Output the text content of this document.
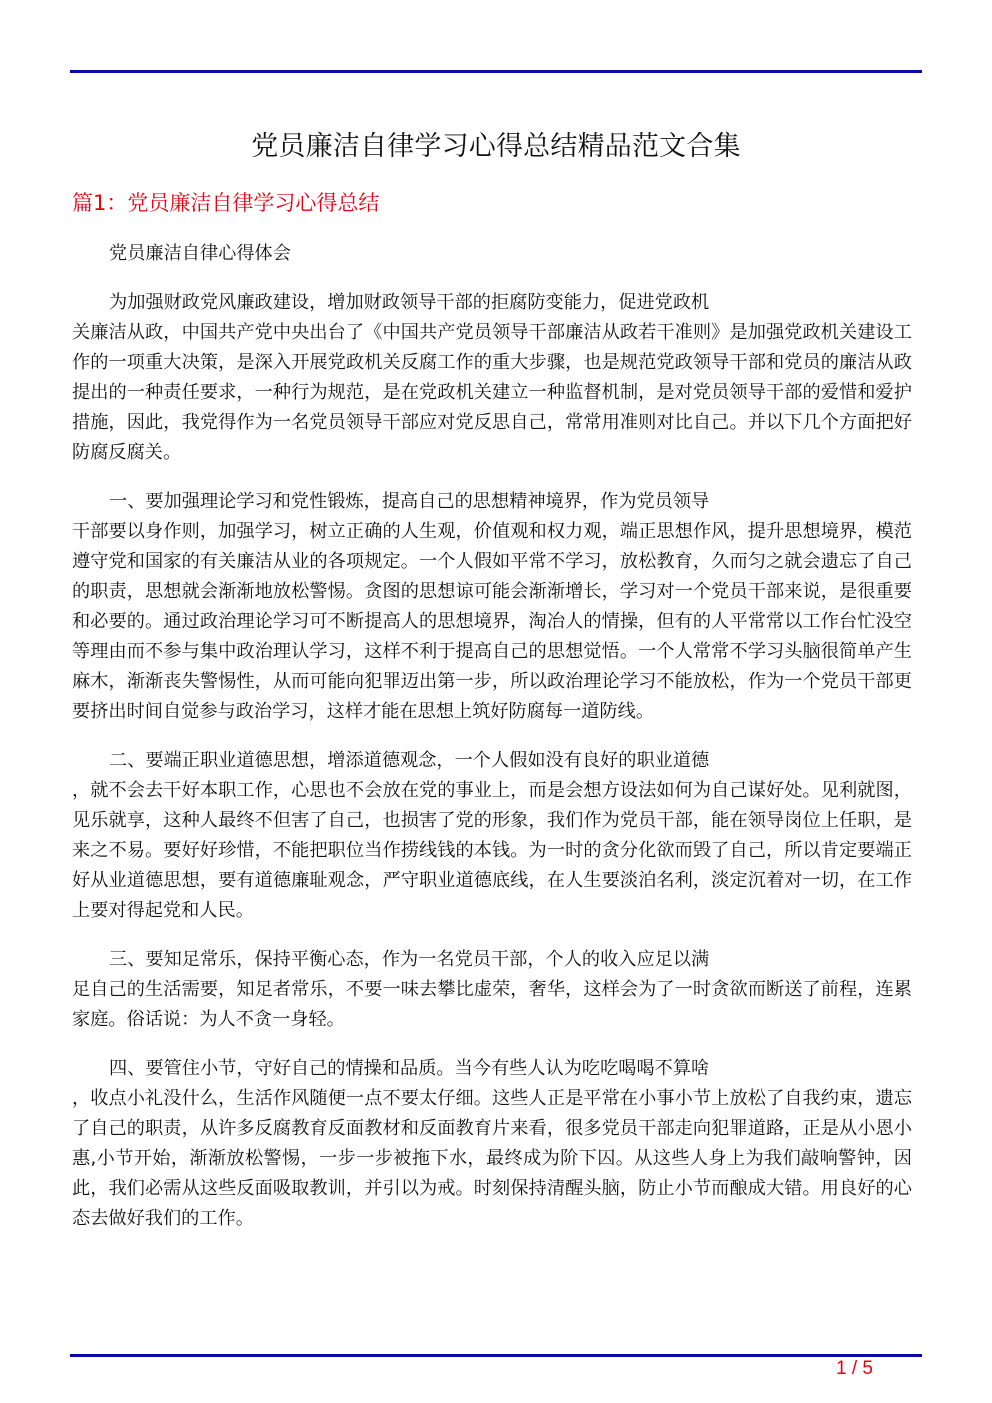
党员廉洁自律学习心得总结精品范文合集
篇1：党员廉洁自律学习心得总结
党员廉洁自律心得体会
为加强财政党风廉政建设，增加财政领导干部的拒腐防变能力，促进党政机
关廉洁从政，中国共产党中央出台了《中国共产党员领导干部廉洁从政若干准则》是加强党政机关建设工作的一项重大决策，是深入开展党政机关反腐工作的重大步骤，也是规范党政领导干部和党员的廉洁从政提出的一种责任要求，一种行为规范，是在党政机关建立一种监督机制，是对党员领导干部的爱惜和爱护措施，因此，我党得作为一名党员领导干部应对党反思自己，常常用准则对比自己。并以下几个方面把好防腐反腐关。
一、要加强理论学习和党性锻炼，提高自己的思想精神境界，作为党员领导
干部要以身作则，加强学习，树立正确的人生观，价值观和权力观，端正思想作风，提升思想境界，模范遵守党和国家的有关廉洁从业的各项规定。一个人假如平常不学习，放松教育，久而匀之就会遗忘了自己的职责，思想就会渐渐地放松警惕。贪图的思想谅可能会渐渐增长，学习对一个党员干部来说，是很重要和必要的。通过政治理论学习可不断提高人的思想境界，淘冶人的情操，但有的人平常常以工作台忙没空等理由而不参与集中政治理认学习，这样不利于提高自己的思想觉悟。一个人常常不学习头脑很简单产生麻木，渐渐丧失警惕性，从而可能向犯罪迈出第一步，所以政治理论学习不能放松，作为一个党员干部更要挤出时间自觉参与政治学习，这样才能在思想上筑好防腐每一道防线。
二、要端正职业道德思想，增添道德观念，一个人假如没有良好的职业道德
，就不会去干好本职工作，心思也不会放在党的事业上，而是会想方设法如何为自己谋好处。见利就图，见乐就享，这种人最终不但害了自己，也损害了党的形象，我们作为党员干部，能在领导岗位上任职，是来之不易。要好好珍惜，不能把职位当作捞线钱的本钱。为一时的贪分化欲而毁了自己，所以肯定要端正好从业道德思想，要有道德廉耻观念，严守职业道德底线，在人生要淡泊名利，淡定沉着对一切，在工作上要对得起党和人民。
三、要知足常乐，保持平衡心态，作为一名党员干部，个人的收入应足以满
足自己的生活需要，知足者常乐，不要一味去攀比虚荣，奢华，这样会为了一时贪欲而断送了前程，连累家庭。俗话说：为人不贪一身轻。
四、要管住小节，守好自己的情操和品质。当今有些人认为吃吃喝喝不算啥
，收点小礼没什么，生活作风随便一点不要太仔细。这些人正是平常在小事小节上放松了自我约束，遗忘了自己的职责，从许多反腐教育反面教材和反面教育片来看，很多党员干部走向犯罪道路，正是从小恩小惠,小节开始，渐渐放松警惕，一步一步被拖下水，最终成为阶下囚。从这些人身上为我们敲响警钟，因此，我们必需从这些反面吸取教训，并引以为戒。时刻保持清醒头脑，防止小节而酿成大错。用良好的心态去做好我们的工作。
1 / 5
